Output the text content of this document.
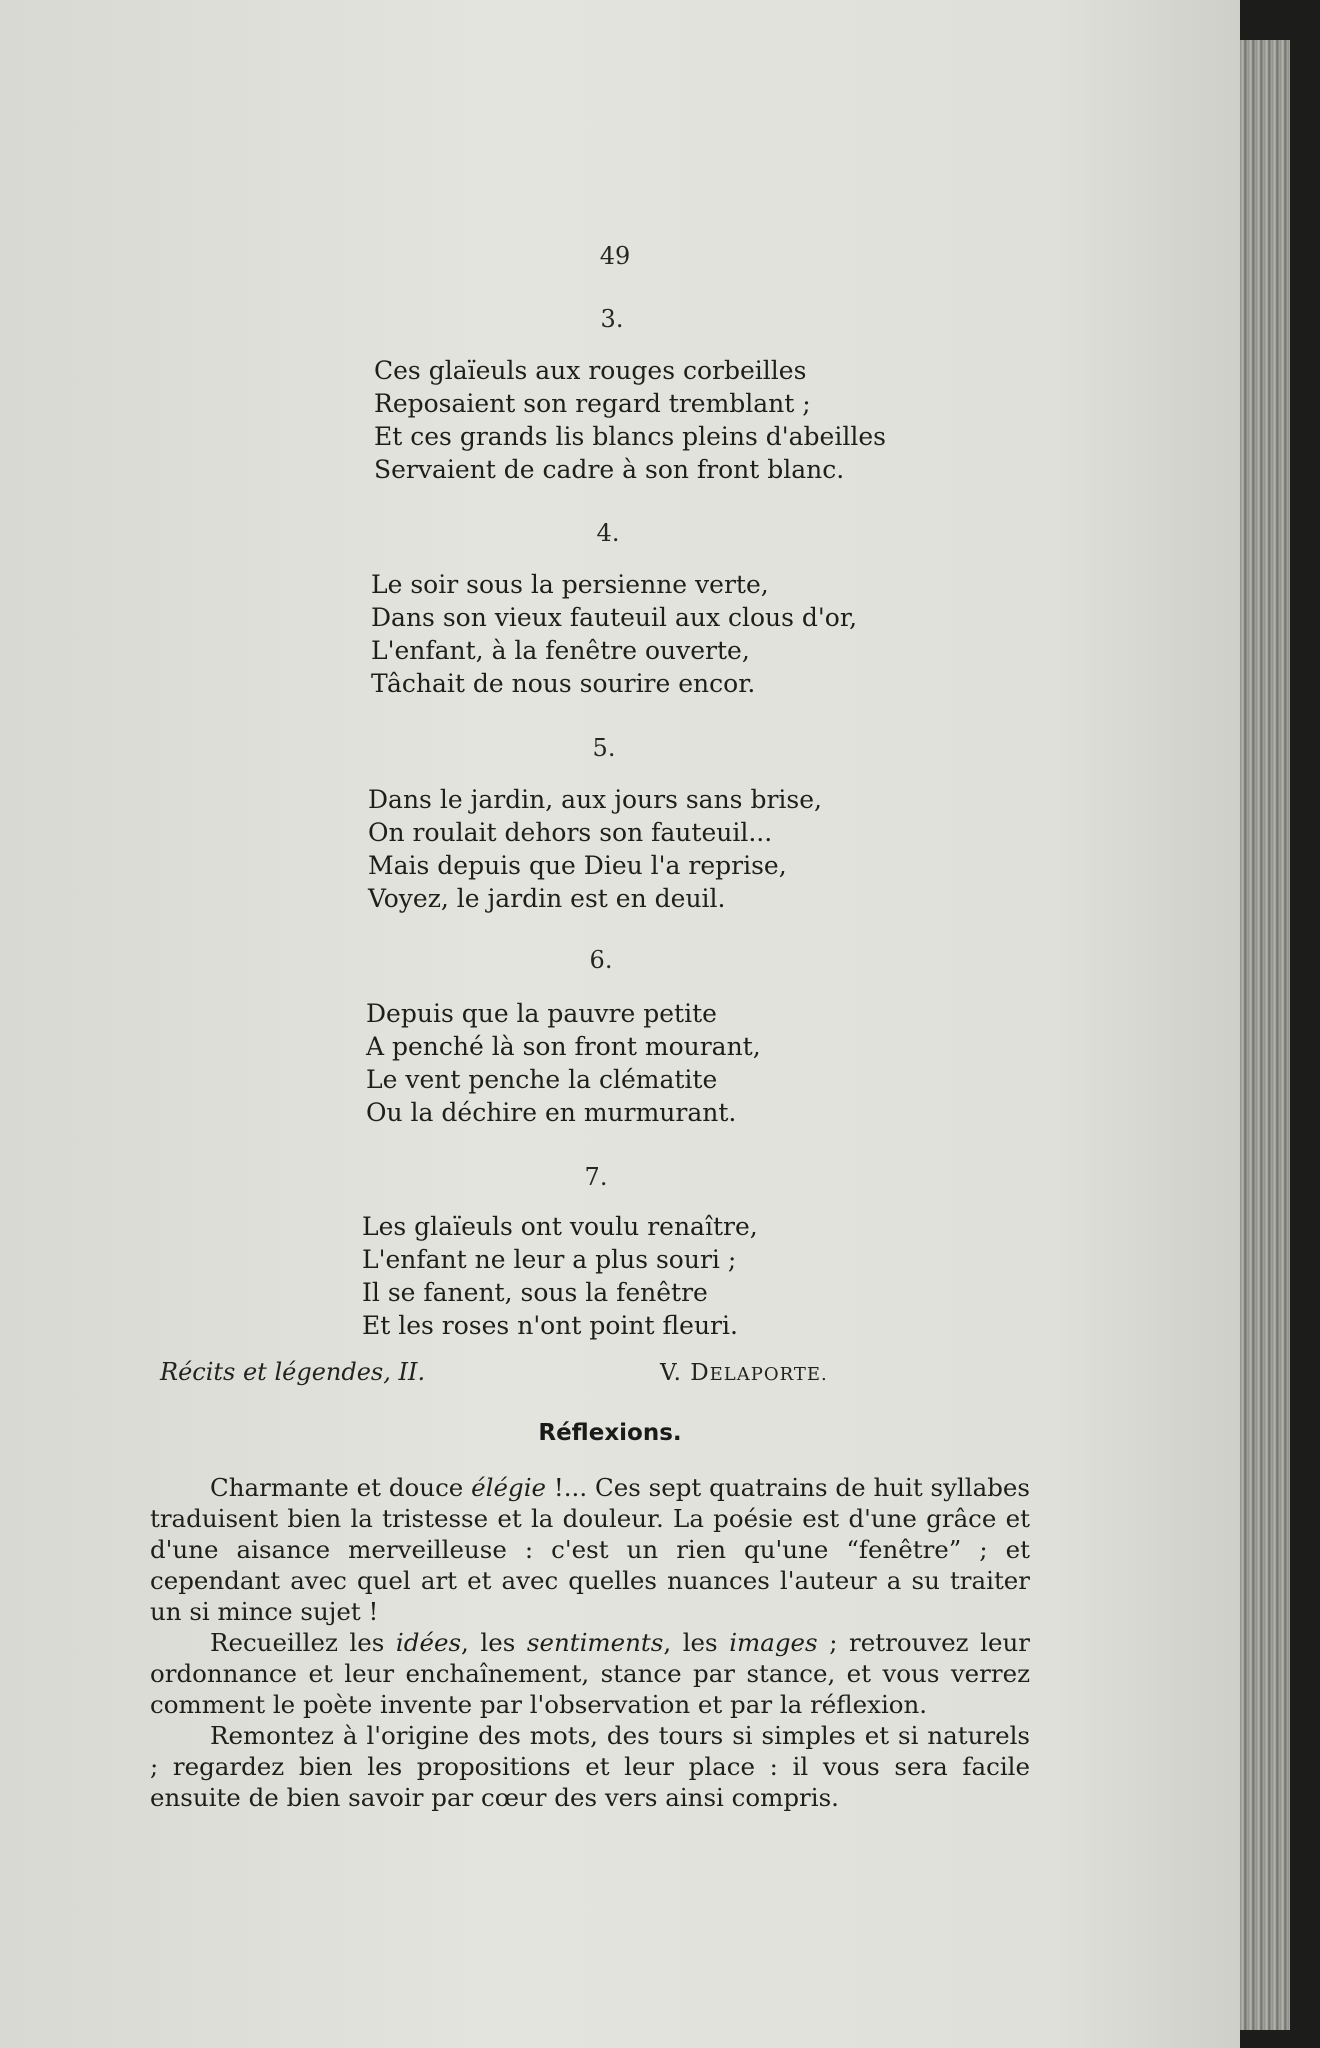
49
3.
Ces glaïeuls aux rouges corbeilles
Reposaient son regard tremblant ;
Et ces grands lis blancs pleins d'abeilles
Servaient de cadre à son front blanc.
4.
Le soir sous la persienne verte,
Dans son vieux fauteuil aux clous d'or,
L'enfant, à la fenêtre ouverte,
Tâchait de nous sourire encor.
5.
Dans le jardin, aux jours sans brise,
On roulait dehors son fauteuil...
Mais depuis que Dieu l'a reprise,
Voyez, le jardin est en deuil.
6.
Depuis que la pauvre petite
A penché là son front mourant,
Le vent penche la clématite
Ou la déchire en murmurant.
7.
Les glaïeuls ont voulu renaître,
L'enfant ne leur a plus souri ;
Il se fanent, sous la fenêtre
Et les roses n'ont point fleuri.
Récits et légendes, II.	V. DELAPORTE.
Réflexions.

Charmante et douce élégie !... Ces sept quatrains de huit syllabes traduisent bien la tristesse et la douleur. La poésie est d'une grâce et d'une aisance merveilleuse : c'est un rien qu'une “fenêtre” ; et cependant avec quel art et avec quelles nuances l'auteur a su traiter un si mince sujet !

Recueillez les idées, les sentiments, les images ; retrouvez leur ordonnance et leur enchaînement, stance par stance, et vous verrez comment le poète invente par l'observation et par la réflexion.

Remontez à l'origine des mots, des tours si simples et si naturels ; regardez bien les propositions et leur place : il vous sera facile ensuite de bien savoir par cœur des vers ainsi compris.
